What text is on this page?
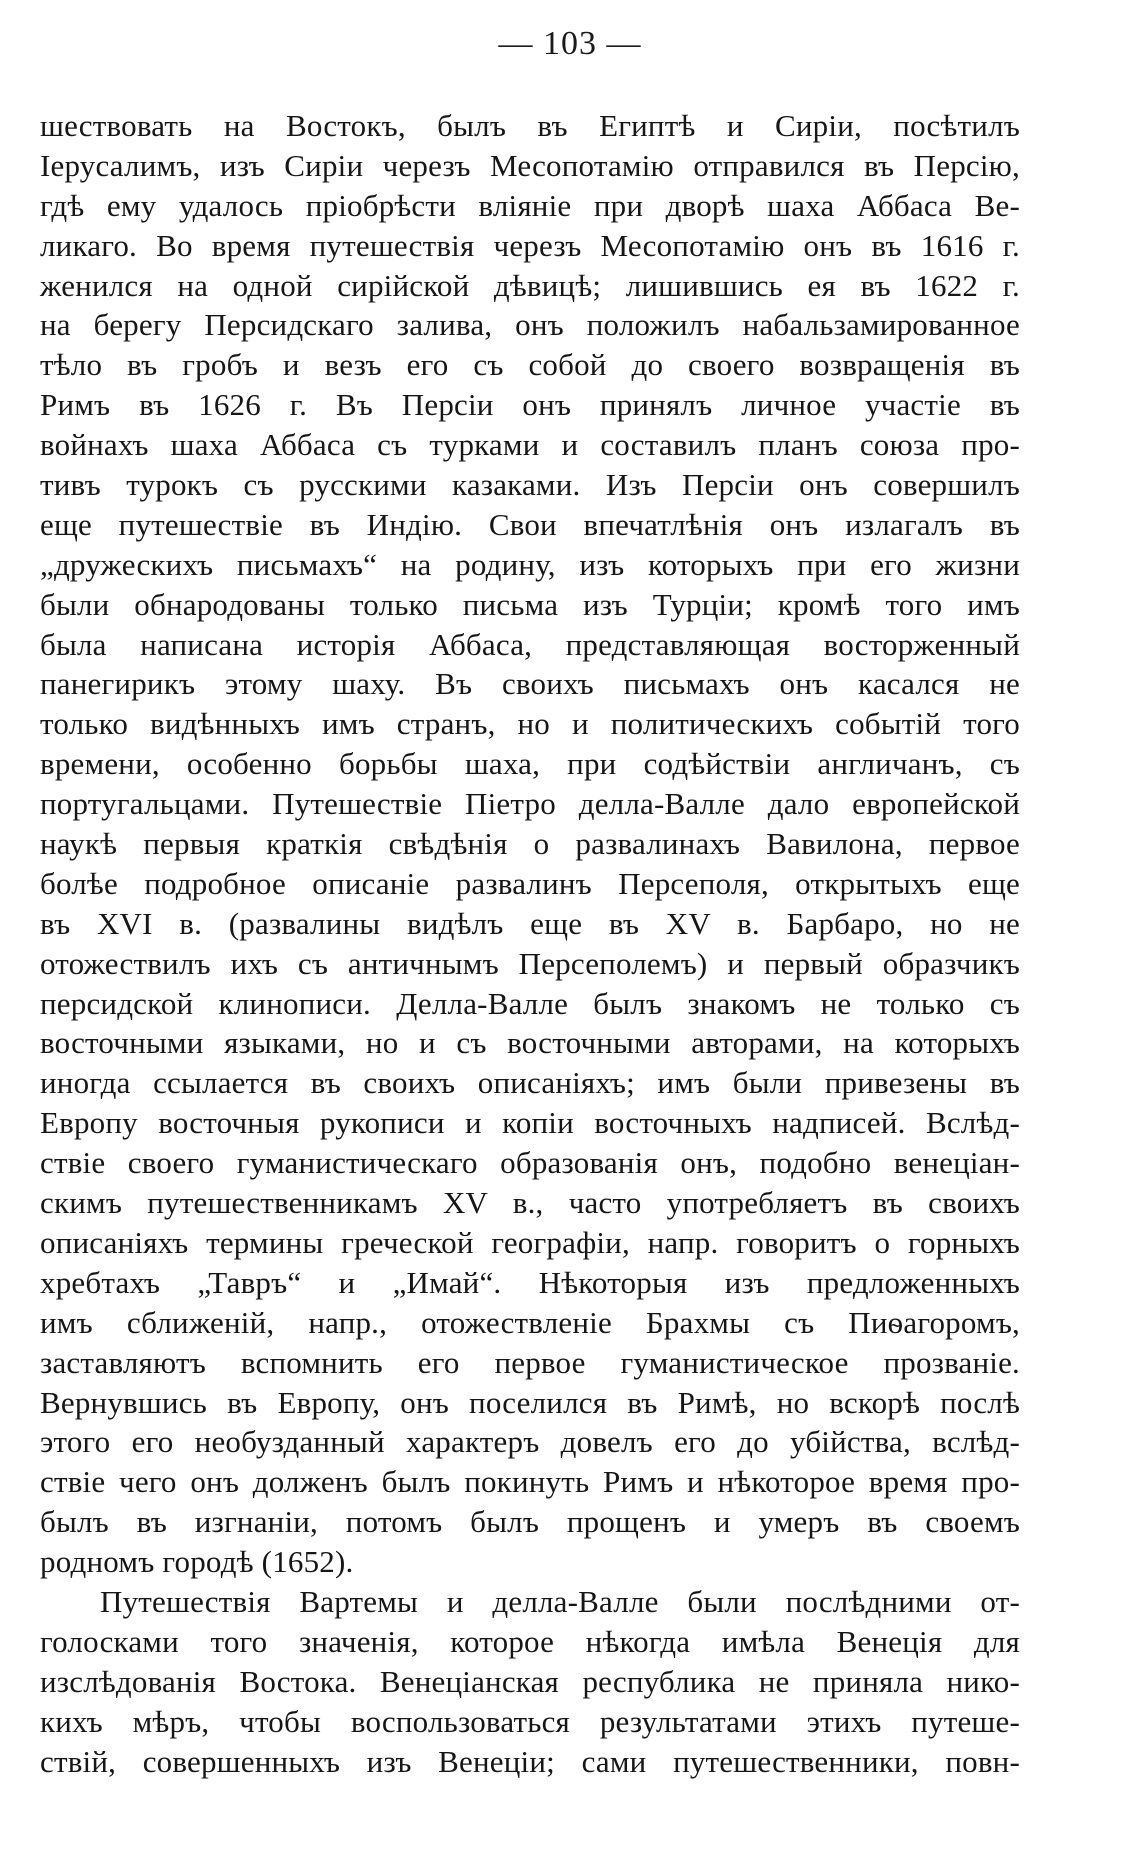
— 103 —
шествовать на Востокъ, былъ въ Египтѣ и Сиріи, посѣтилъ
Іерусалимъ, изъ Сиріи черезъ Месопотамію отправился въ Персію,
гдѣ ему удалось пріобрѣсти вліяніе при дворѣ шаха Аббаса Ве-
ликаго. Во время путешествія черезъ Месопотамію онъ въ 1616 г.
женился на одной сирійской дѣвицѣ; лишившись ея въ 1622 г.
на берегу Персидскаго залива, онъ положилъ набальзамированное
тѣло въ гробъ и везъ его съ собой до своего возвращенія въ
Римъ въ 1626 г. Въ Персіи онъ принялъ личное участіе въ
войнахъ шаха Аббаса съ турками и составилъ планъ союза про-
тивъ турокъ съ русскими казаками. Изъ Персіи онъ совершилъ
еще путешествіе въ Индію. Свои впечатлѣнія онъ излагалъ въ
„дружескихъ письмахъ“ на родину, изъ которыхъ при его жизни
были обнародованы только письма изъ Турціи; кромѣ того имъ
была написана исторія Аббаса, представляющая восторженный
панегирикъ этому шаху. Въ своихъ письмахъ онъ касался не
только видѣнныхъ имъ странъ, но и политическихъ событій того
времени, особенно борьбы шаха, при содѣйствіи англичанъ, съ
португальцами. Путешествіе Піетро делла-Валле дало европейской
наукѣ первыя краткія свѣдѣнія о развалинахъ Вавилона, первое
болѣе подробное описаніе развалинъ Персеполя, открытыхъ еще
въ XVI в. (развалины видѣлъ еще въ XV в. Барбаро, но не
отожествилъ ихъ съ античнымъ Персеполемъ) и первый образчикъ
персидской клинописи. Делла-Валле былъ знакомъ не только съ
восточными языками, но и съ восточными авторами, на которыхъ
иногда ссылается въ своихъ описаніяхъ; имъ были привезены въ
Европу восточныя рукописи и копіи восточныхъ надписей. Вслѣд-
ствіе своего гуманистическаго образованія онъ, подобно венеціан-
скимъ путешественникамъ XV в., часто употребляетъ въ своихъ
описаніяхъ термины греческой географіи, напр. говоритъ о горныхъ
хребтахъ „Тавръ“ и „Имай“. Нѣкоторыя изъ предложенныхъ
имъ сближеній, напр., отожествленіе Брахмы съ Пиѳагоромъ,
заставляютъ вспомнить его первое гуманистическое прозваніе.
Вернувшись въ Европу, онъ поселился въ Римѣ, но вскорѣ послѣ
этого его необузданный характеръ довелъ его до убійства, вслѣд-
ствіе чего онъ долженъ былъ покинуть Римъ и нѣкоторое время про-
былъ въ изгнаніи, потомъ былъ прощенъ и умеръ въ своемъ
родномъ городѣ (1652).
Путешествія Вартемы и делла-Валле были послѣдними от-
голосками того значенія, которое нѣкогда имѣла Венеція для
изслѣдованія Востока. Венеціанская республика не приняла нико-
кихъ мѣръ, чтобы воспользоваться результатами этихъ путеше-
ствій, совершенныхъ изъ Венеціи; сами путешественники, повн-
